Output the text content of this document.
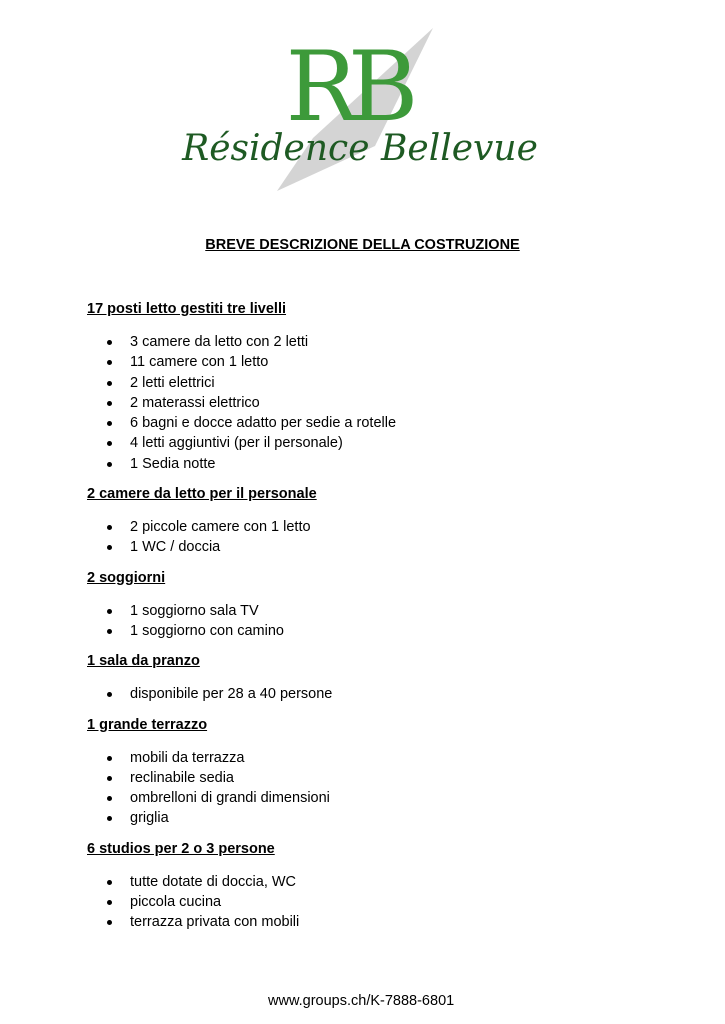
RB
Résidence Bellevue
BREVE DESCRIZIONE DELLA COSTRUZIONE
17 posti letto gestiti tre livelli
3 camere da letto con 2 letti
11 camere con 1 letto
2 letti elettrici
2 materassi elettrico
6 bagni e docce adatto per sedie a rotelle
4 letti aggiuntivi (per il personale)
1 Sedia notte
2 camere da letto per il personale
2 piccole camere con 1 letto
1 WC / doccia
2 soggiorni
1 soggiorno sala TV
1 soggiorno con camino
1 sala da pranzo
disponibile per 28 a 40 persone
1 grande terrazzo
mobili da terrazza
reclinabile sedia
ombrelloni di grandi dimensioni
griglia
6 studios per 2 o 3 persone
tutte dotate di doccia, WC
piccola cucina
terrazza privata con mobili
www.groups.ch/K-7888-6801
